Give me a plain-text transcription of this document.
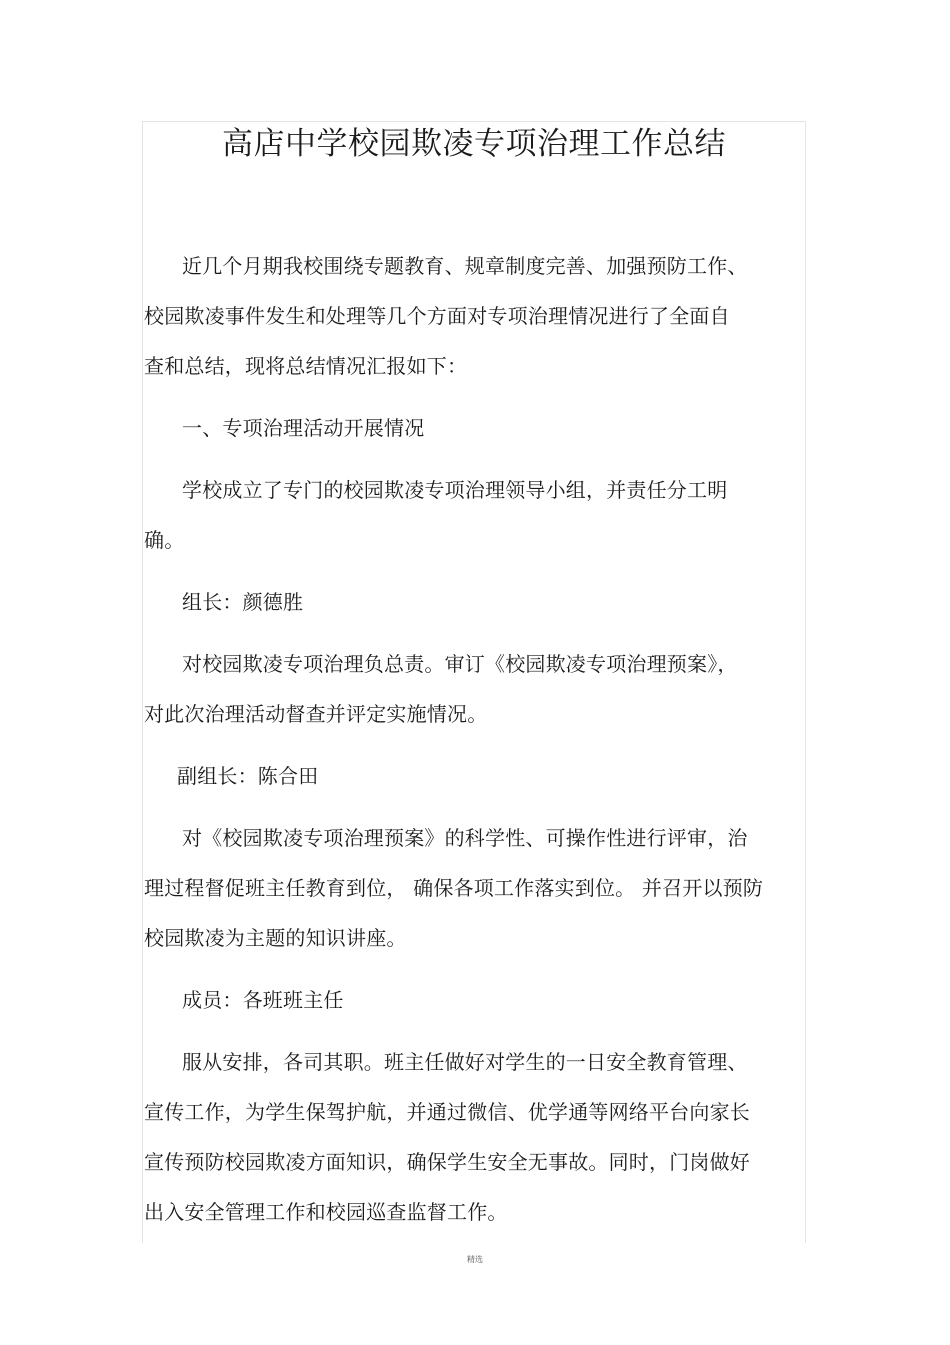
高店中学校园欺凌专项治理工作总结
近几个月期我校围绕专题教育、规章制度完善、加强预防工作、
校园欺凌事件发生和处理等几个方面对专项治理情况进行了全面自
查和总结，现将总结情况汇报如下：
一、专项治理活动开展情况
学校成立了专门的校园欺凌专项治理领导小组，并责任分工明
确。
组长：颜德胜
对校园欺凌专项治理负总责。审订《校园欺凌专项治理预案》，
对此次治理活动督查并评定实施情况。
副组长：陈合田
对《校园欺凌专项治理预案》的科学性、可操作性进行评审，治
理过程督促班主任教育到位， 确保各项工作落实到位。 并召开以预防
校园欺凌为主题的知识讲座。
成员：各班班主任
服从安排，各司其职。班主任做好对学生的一日安全教育管理、
宣传工作，为学生保驾护航，并通过微信、优学通等网络平台向家长
宣传预防校园欺凌方面知识，确保学生安全无事故。同时，门岗做好
出入安全管理工作和校园巡查监督工作。
精选
